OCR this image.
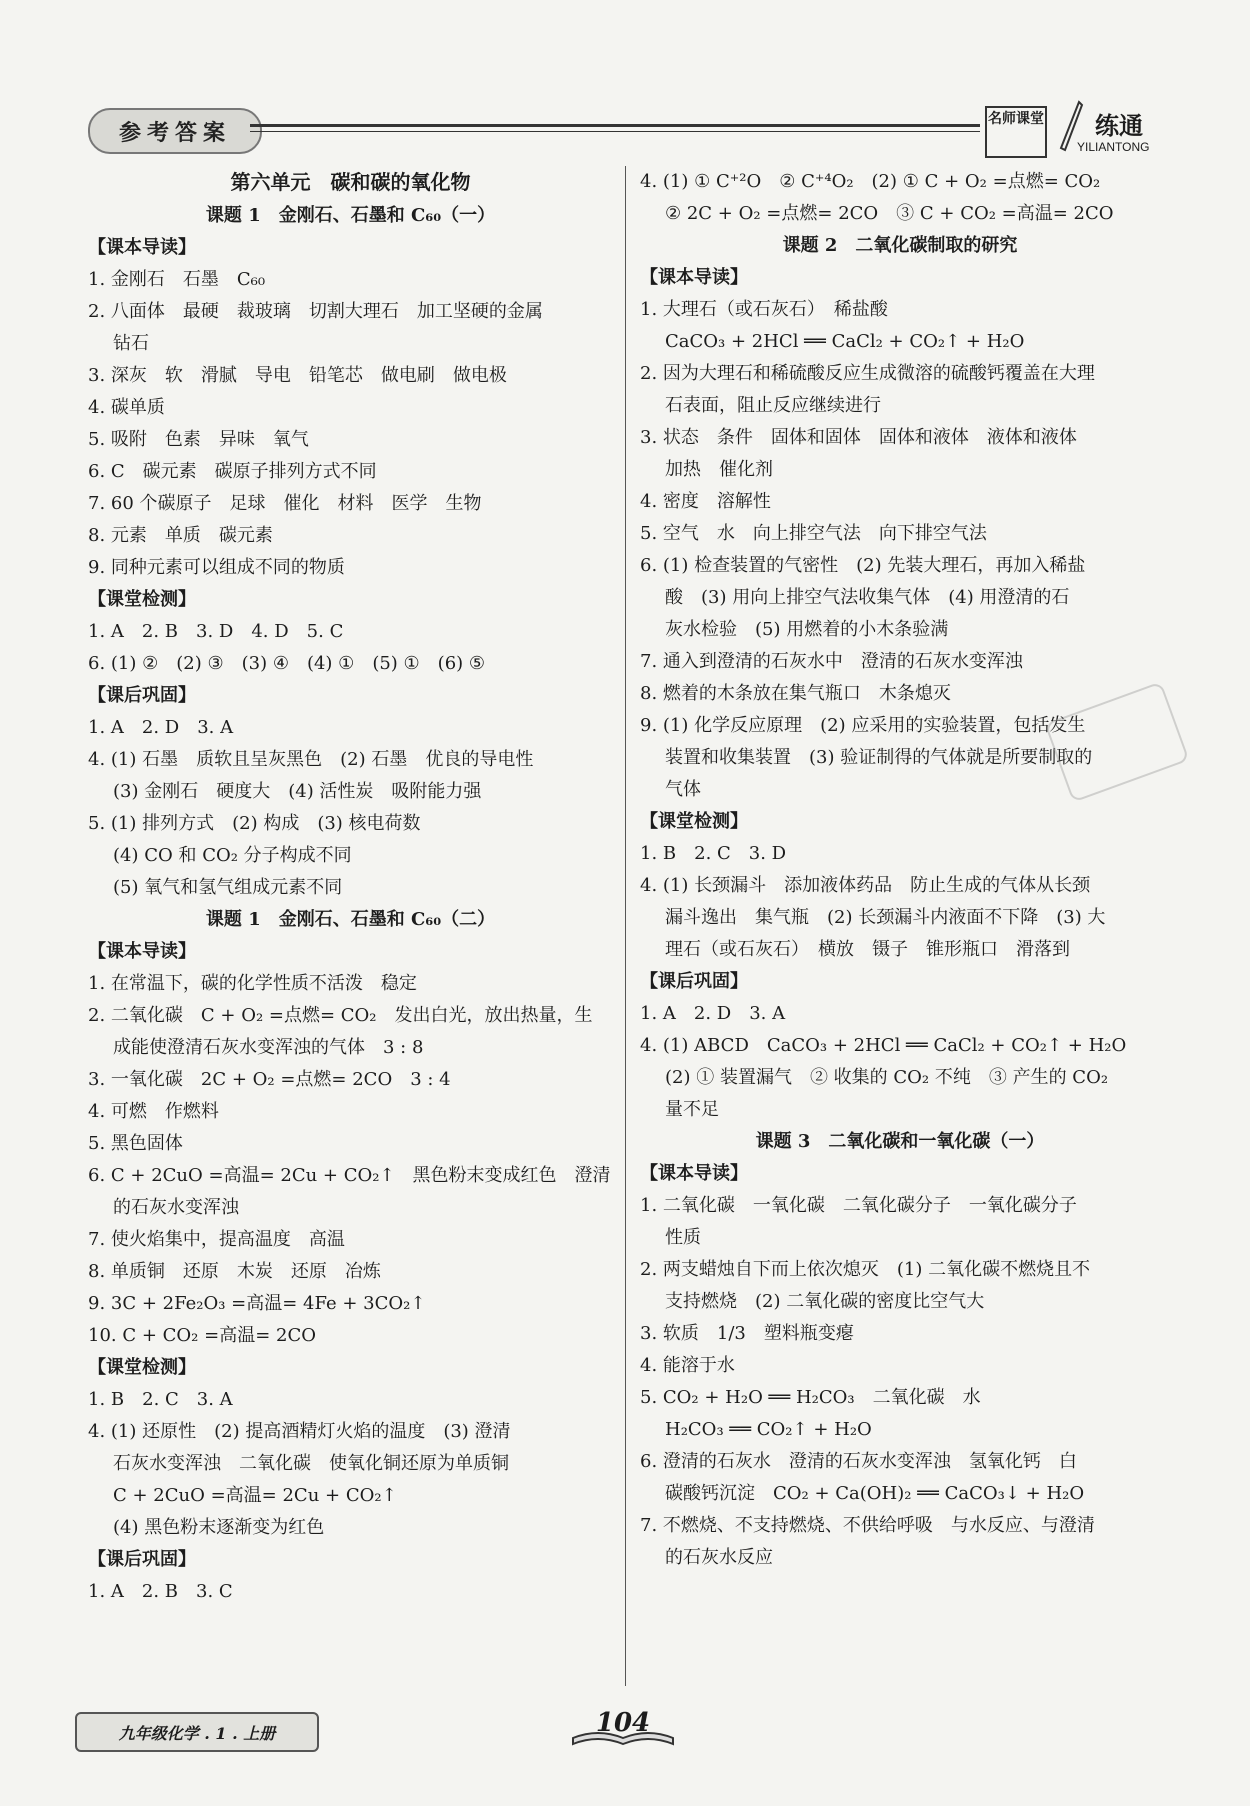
参考答案
名师课堂 练通
YILIANTONG
第六单元　碳和碳的氧化物
课题 1　金刚石、石墨和 C₆₀（一）
【课本导读】
1. 金刚石　石墨　C₆₀
2. 八面体　最硬　裁玻璃　切割大理石　加工坚硬的金属
钻石
3. 深灰　软　滑腻　导电　铅笔芯　做电刷　做电极
4. 碳单质
5. 吸附　色素　异味　氧气
6. C　碳元素　碳原子排列方式不同
7. 60 个碳原子　足球　催化　材料　医学　生物
8. 元素　单质　碳元素
9. 同种元素可以组成不同的物质
【课堂检测】
1. A　2. B　3. D　4. D　5. C
6. (1) ②　(2) ③　(3) ④　(4) ①　(5) ①　(6) ⑤
【课后巩固】
1. A　2. D　3. A
4. (1) 石墨　质软且呈灰黑色　(2) 石墨　优良的导电性
(3) 金刚石　硬度大　(4) 活性炭　吸附能力强
5. (1) 排列方式　(2) 构成　(3) 核电荷数
(4) CO 和 CO₂ 分子构成不同
(5) 氧气和氢气组成元素不同
课题 1　金刚石、石墨和 C₆₀（二）
【课本导读】
1. 在常温下，碳的化学性质不活泼　稳定
2. 二氧化碳　C + O₂ =点燃= CO₂　发出白光，放出热量，生
成能使澄清石灰水变浑浊的气体　3 : 8
3. 一氧化碳　2C + O₂ =点燃= 2CO　3 : 4
4. 可燃　作燃料
5. 黑色固体
6. C + 2CuO =高温= 2Cu + CO₂↑　黑色粉末变成红色　澄清
的石灰水变浑浊
7. 使火焰集中，提高温度　高温
8. 单质铜　还原　木炭　还原　冶炼
9. 3C + 2Fe₂O₃ =高温= 4Fe + 3CO₂↑
10. C + CO₂ =高温= 2CO
【课堂检测】
1. B　2. C　3. A
4. (1) 还原性　(2) 提高酒精灯火焰的温度　(3) 澄清
石灰水变浑浊　二氧化碳　使氧化铜还原为单质铜
C + 2CuO =高温= 2Cu + CO₂↑
(4) 黑色粉末逐渐变为红色
【课后巩固】
1. A　2. B　3. C
4. (1) ① C⁺²O　② C⁺⁴O₂　(2) ① C + O₂ =点燃= CO₂
② 2C + O₂ =点燃= 2CO　③ C + CO₂ =高温= 2CO
课题 2　二氧化碳制取的研究
【课本导读】
1. 大理石（或石灰石）　稀盐酸
CaCO₃ + 2HCl ══ CaCl₂ + CO₂↑ + H₂O
2. 因为大理石和稀硫酸反应生成微溶的硫酸钙覆盖在大理
石表面，阻止反应继续进行
3. 状态　条件　固体和固体　固体和液体　液体和液体
加热　催化剂
4. 密度　溶解性
5. 空气　水　向上排空气法　向下排空气法
6. (1) 检查装置的气密性　(2) 先装大理石，再加入稀盐
酸　(3) 用向上排空气法收集气体　(4) 用澄清的石
灰水检验　(5) 用燃着的小木条验满
7. 通入到澄清的石灰水中　澄清的石灰水变浑浊
8. 燃着的木条放在集气瓶口　木条熄灭
9. (1) 化学反应原理　(2) 应采用的实验装置，包括发生
装置和收集装置　(3) 验证制得的气体就是所要制取的
气体
【课堂检测】
1. B　2. C　3. D
4. (1) 长颈漏斗　添加液体药品　防止生成的气体从长颈
漏斗逸出　集气瓶　(2) 长颈漏斗内液面不下降　(3) 大
理石（或石灰石）　横放　镊子　锥形瓶口　滑落到
【课后巩固】
1. A　2. D　3. A
4. (1) ABCD　CaCO₃ + 2HCl ══ CaCl₂ + CO₂↑ + H₂O
(2) ① 装置漏气　② 收集的 CO₂ 不纯　③ 产生的 CO₂
量不足
课题 3　二氧化碳和一氧化碳（一）
【课本导读】
1. 二氧化碳　一氧化碳　二氧化碳分子　一氧化碳分子
性质
2. 两支蜡烛自下而上依次熄灭　(1) 二氧化碳不燃烧且不
支持燃烧　(2) 二氧化碳的密度比空气大
3. 软质　1/3　塑料瓶变瘪
4. 能溶于水
5. CO₂ + H₂O ══ H₂CO₃　二氧化碳　水
H₂CO₃ ══ CO₂↑ + H₂O
6. 澄清的石灰水　澄清的石灰水变浑浊　氢氧化钙　白
碳酸钙沉淀　CO₂ + Ca(OH)₂ ══ CaCO₃↓ + H₂O
7. 不燃烧、不支持燃烧、不供给呼吸　与水反应、与澄清
的石灰水反应
九年级化学 . 1 . 上册	104
